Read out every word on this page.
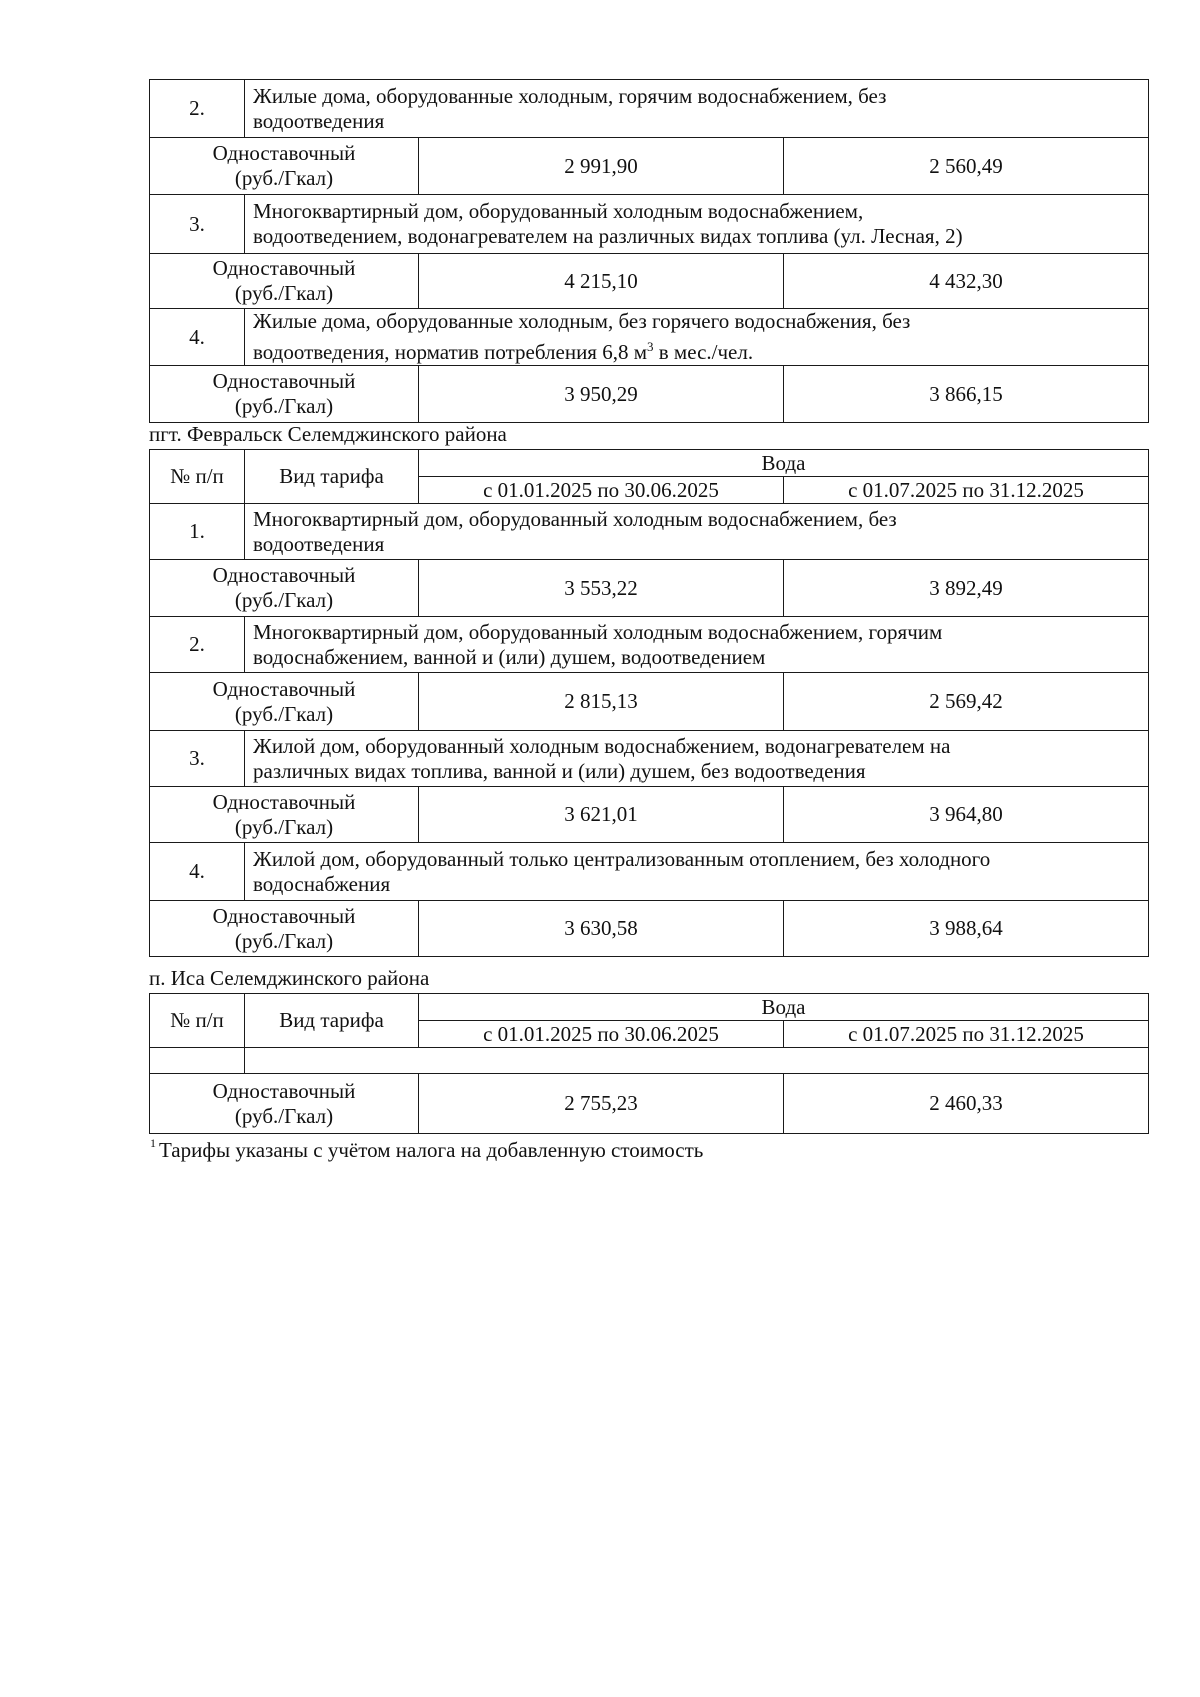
2.	Жилые дома, оборудованные холодным, горячим водоснабжением, без
водоотведения		
Одноставочный
(руб./Гкал)		2 991,90	2 560,49
3.	Многоквартирный дом, оборудованный холодным водоснабжением,
водоотведением, водонагревателем на различных видах топлива (ул. Лесная, 2)		
Одноставочный
(руб./Гкал)		4 215,10	4 432,30
4.	Жилые дома, оборудованные холодным, без горячего водоснабжения, без
водоотведения, норматив потребления 6,8 $м^3$ в мес./чел.		
Одноставочный
(руб./Гкал)		3 950,29	3 866,15
пгт. Февральск Селемджинского района
№ п/п	Вид тарифа	Вода	
		с 01.01.2025 по 30.06.2025	с 01.07.2025 по 31.12.2025
1.	Многоквартирный дом, оборудованный холодным водоснабжением, без
водоотведения		
Одноставочный
(руб./Гкал)		3 553,22	3 892,49
2.	Многоквартирный дом, оборудованный холодным водоснабжением, горячим
водоснабжением, ванной и (или) душем, водоотведением		
Одноставочный
(руб./Гкал)		2 815,13	2 569,42
3.	Жилой дом, оборудованный холодным водоснабжением, водонагревателем на
различных видах топлива, ванной и (или) душем, без водоотведения		
Одноставочный
(руб./Гкал)		3 621,01	3 964,80
4.	Жилой дом, оборудованный только централизованным отоплением, без холодного
водоснабжения		
Одноставочный
(руб./Гкал)		3 630,58	3 988,64
п. Иса Селемджинского района
№ п/п	Вид тарифа	Вода	
		с 01.01.2025 по 30.06.2025	с 01.07.2025 по 31.12.2025

Одноставочный
(руб./Гкал)		2 755,23	2 460,33
$^1$ Тарифы указаны с учётом налога на добавленную стоимость
